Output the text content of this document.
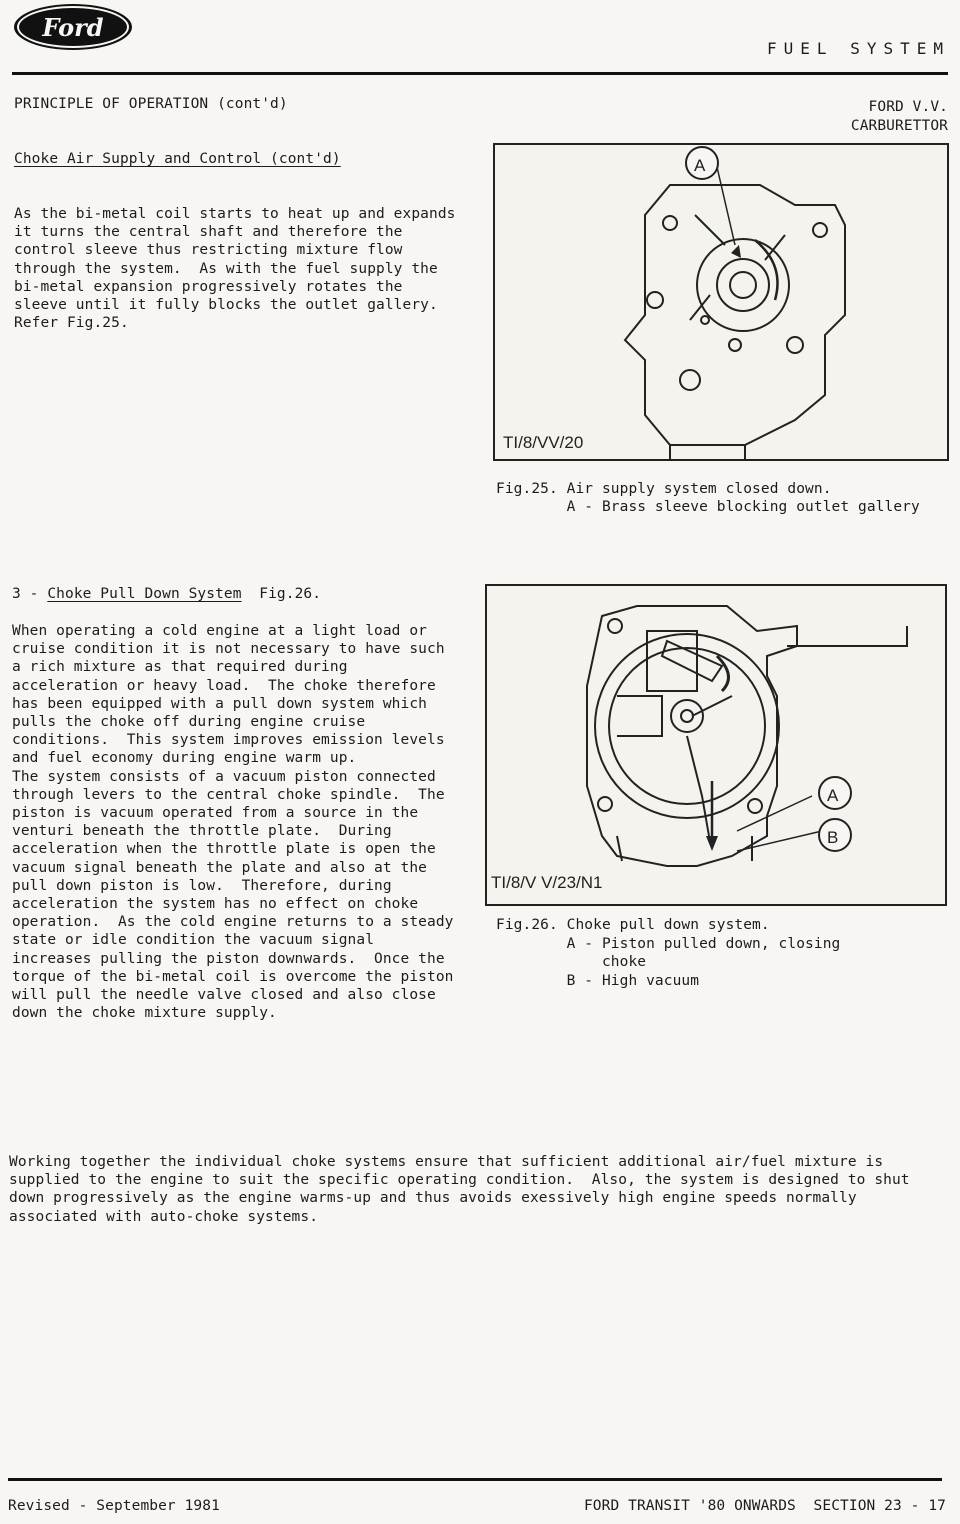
Ford
FUEL SYSTEM
PRINCIPLE OF OPERATION (cont'd)	FORD V.V.
CARBURETTOR
Choke Air Supply and Control (cont'd)
As the bi-metal coil starts to heat up and expands
it turns the central shaft and therefore the
control sleeve thus restricting mixture flow
through the system.  As with the fuel supply the
bi-metal expansion progressively rotates the
sleeve until it fully blocks the outlet gallery.
Refer Fig.25.
A
TI/8/VV/20
Fig.25. Air supply system closed down.
A - Brass sleeve blocking outlet gallery
3 - Choke Pull Down System  Fig.26.
When operating a cold engine at a light load or
cruise condition it is not necessary to have such
a rich mixture as that required during
acceleration or heavy load.  The choke therefore
has been equipped with a pull down system which
pulls the choke off during engine cruise
conditions.  This system improves emission levels
and fuel economy during engine warm up.
The system consists of a vacuum piston connected
through levers to the central choke spindle.  The
piston is vacuum operated from a source in the
venturi beneath the throttle plate.  During
acceleration when the throttle plate is open the
vacuum signal beneath the plate and also at the
pull down piston is low.  Therefore, during
acceleration the system has no effect on choke
operation.  As the cold engine returns to a steady
state or idle condition the vacuum signal
increases pulling the piston downwards.  Once the
torque of the bi-metal coil is overcome the piston
will pull the needle valve closed and also close
down the choke mixture supply.
A
B
TI/8/V V/23/N1
Fig.26. Choke pull down system.
A - Piston pulled down, closing
choke
B - High vacuum
Working together the individual choke systems ensure that sufficient additional air/fuel mixture is
supplied to the engine to suit the specific operating condition.  Also, the system is designed to shut
down progressively as the engine warms-up and thus avoids exessively high engine speeds normally
associated with auto-choke systems.
Revised - September 1981	FORD TRANSIT '80 ONWARDS  SECTION 23 - 17
